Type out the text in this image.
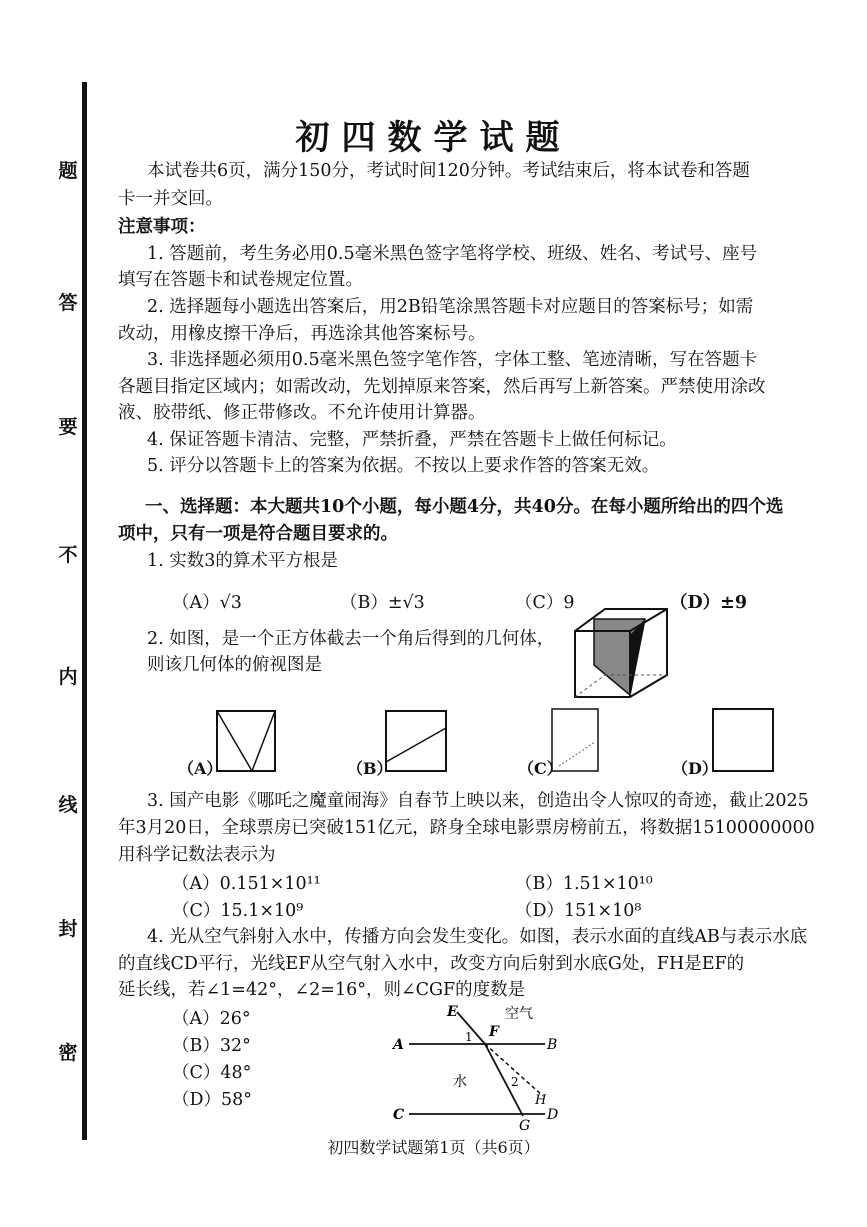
题
答
要
不
内
线
封
密
初四数学试题
本试卷共6页，满分150分，考试时间120分钟。考试结束后，将本试卷和答题
卡一并交回。
注意事项：
1. 答题前，考生务必用0.5毫米黑色签字笔将学校、班级、姓名、考试号、座号
填写在答题卡和试卷规定位置。
2. 选择题每小题选出答案后，用2B铅笔涂黑答题卡对应题目的答案标号；如需
改动，用橡皮擦干净后，再选涂其他答案标号。
3. 非选择题必须用0.5毫米黑色签字笔作答，字体工整、笔迹清晰，写在答题卡
各题目指定区域内；如需改动，先划掉原来答案，然后再写上新答案。严禁使用涂改
液、胶带纸、修正带修改。不允许使用计算器。
4. 保证答题卡清洁、完整，严禁折叠，严禁在答题卡上做任何标记。
5. 评分以答题卡上的答案为依据。不按以上要求作答的答案无效。
一、选择题：本大题共10个小题，每小题4分，共40分。在每小题所给出的四个选
项中，只有一项是符合题目要求的。
1. 实数3的算术平方根是
（A）√3	（B）±√3	（C）9	（D）±9
2. 如图，是一个正方体截去一个角后得到的几何体，
则该几何体的俯视图是
（A）	（B）	（C）	（D）
3. 国产电影《哪吒之魔童闹海》自春节上映以来，创造出令人惊叹的奇迹，截止2025
年3月20日，全球票房已突破151亿元，跻身全球电影票房榜前五，将数据15100000000
用科学记数法表示为
（A）0.151×10¹¹	（B）1.51×10¹⁰
（C）15.1×10⁹	（D）151×10⁸
4. 光从空气斜射入水中，传播方向会发生变化。如图，表示水面的直线AB与表示水底
的直线CD平行，光线EF从空气射入水中，改变方向后射到水底G处，FH是EF的
延长线，若∠1=42°，∠2=16°，则∠CGF的度数是
（A）26°
（B）32°
（C）48°
（D）58°
E
F
A	B
C	D
G
H
空气
水
1
2
初四数学试题第1页（共6页）
